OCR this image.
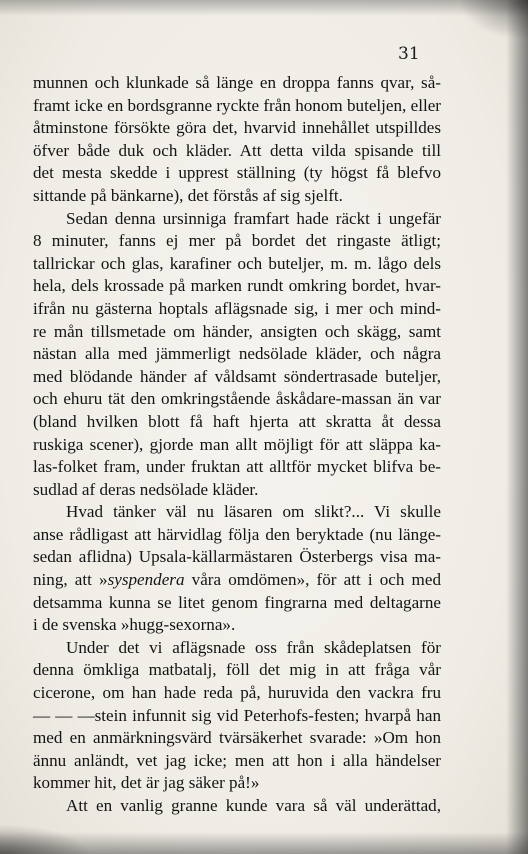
31
munnen och klunkade så länge en droppa fanns qvar, så-
framt icke en bordsgranne ryckte från honom buteljen, eller
åtminstone försökte göra det, hvarvid innehållet utspilldes
öfver både duk och kläder. Att detta vilda spisande till
det mesta skedde i upprest ställning (ty högst få blefvo
sittande på bänkarne), det förstås af sig sjelft.
Sedan denna ursinniga framfart hade räckt i ungefär
8 minuter, fanns ej mer på bordet det ringaste ätligt;
tallrickar och glas, karafiner och buteljer, m. m. lågo dels
hela, dels krossade på marken rundt omkring bordet, hvar-
ifrån nu gästerna hoptals aflägsnade sig, i mer och mind-
re mån tillsmetade om händer, ansigten och skägg, samt
nästan alla med jämmerligt nedsölade kläder, och några
med blödande händer af våldsamt söndertrasade buteljer,
och ehuru tät den omkringstående åskådare-massan än var
(bland hvilken blott få haft hjerta att skratta åt dessa
ruskiga scener), gjorde man allt möjligt för att släppa ka-
las-folket fram, under fruktan att alltför mycket blifva be-
sudlad af deras nedsölade kläder.
Hvad tänker väl nu läsaren om slikt?... Vi skulle
anse rådligast att härvidlag följa den beryktade (nu länge-
sedan aflidna) Upsala-källarmästaren Österbergs visa ma-
ning, att »syspendera våra omdömen», för att i och med
detsamma kunna se litet genom fingrarna med deltagarne
i de svenska »hugg-sexorna».
Under det vi aflägsnade oss från skådeplatsen för
denna ömkliga matbatalj, föll det mig in att fråga vår
cicerone, om han hade reda på, huruvida den vackra fru
— — —stein infunnit sig vid Peterhofs-festen; hvarpå han
med en anmärkningsvärd tvärsäkerhet svarade: »Om hon
ännu anländt, vet jag icke; men att hon i alla händelser
kommer hit, det är jag säker på!»
Att en vanlig granne kunde vara så väl underättad,
